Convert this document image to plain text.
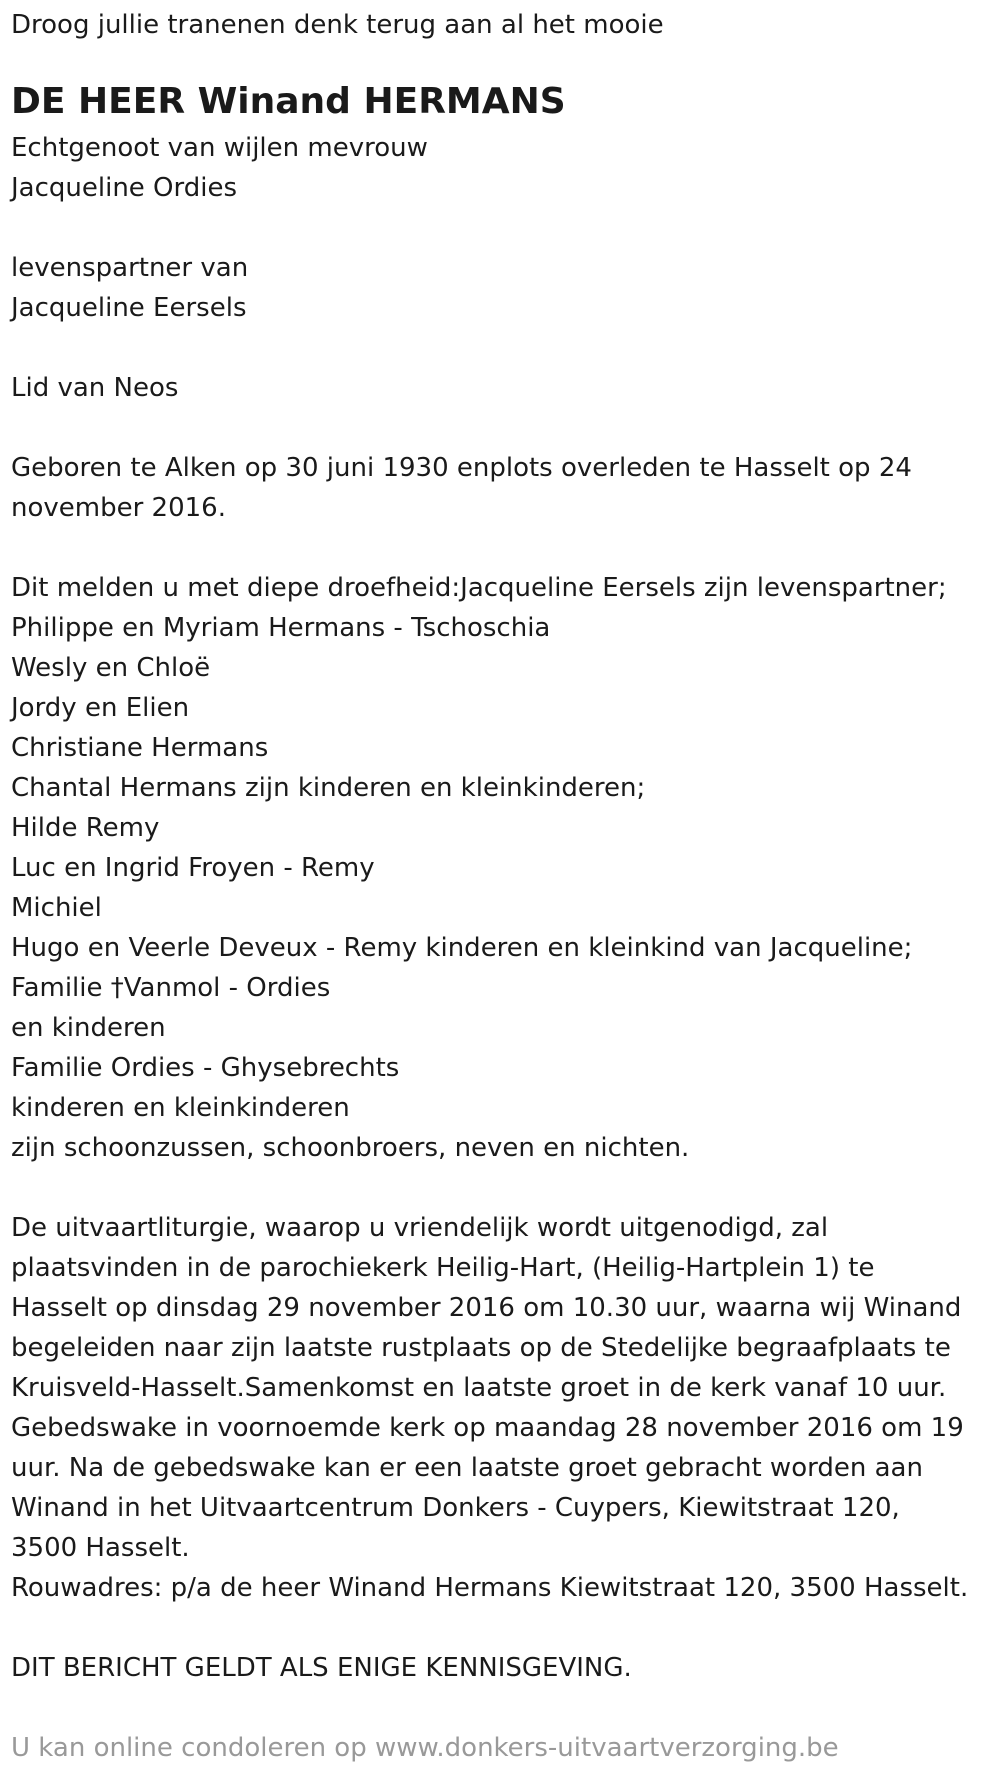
Droog jullie tranenen denk terug aan al het mooie

DE HEER Winand HERMANS

Echtgenoot van wijlen mevrouw

Jacqueline Ordies

levenspartner van

Jacqueline Eersels

Lid van Neos

Geboren te Alken op 30 juni 1930 enplots overleden te Hasselt op 24

november 2016.

Dit melden u met diepe droefheid:Jacqueline Eersels zijn levenspartner;

Philippe en Myriam Hermans - Tschoschia

Wesly en Chloë

Jordy en Elien

Christiane Hermans

Chantal Hermans zijn kinderen en kleinkinderen;

Hilde Remy

Luc en Ingrid Froyen - Remy

Michiel

Hugo en Veerle Deveux - Remy kinderen en kleinkind van Jacqueline;

Familie †Vanmol - Ordies

en kinderen

Familie Ordies - Ghysebrechts

kinderen en kleinkinderen

zijn schoonzussen, schoonbroers, neven en nichten.

De uitvaartliturgie, waarop u vriendelijk wordt uitgenodigd, zal

plaatsvinden in de parochiekerk Heilig-Hart, (Heilig-Hartplein 1) te

Hasselt op dinsdag 29 november 2016 om 10.30 uur, waarna wij Winand

begeleiden naar zijn laatste rustplaats op de Stedelijke begraafplaats te

Kruisveld-Hasselt.Samenkomst en laatste groet in de kerk vanaf 10 uur.

Gebedswake in voornoemde kerk op maandag 28 november 2016 om 19

uur. Na de gebedswake kan er een laatste groet gebracht worden aan

Winand in het Uitvaartcentrum Donkers - Cuypers, Kiewitstraat 120,

3500 Hasselt.

Rouwadres: p/a de heer Winand Hermans Kiewitstraat 120, 3500 Hasselt.

DIT BERICHT GELDT ALS ENIGE KENNISGEVING.

U kan online condoleren op www.donkers-uitvaartverzorging.be
